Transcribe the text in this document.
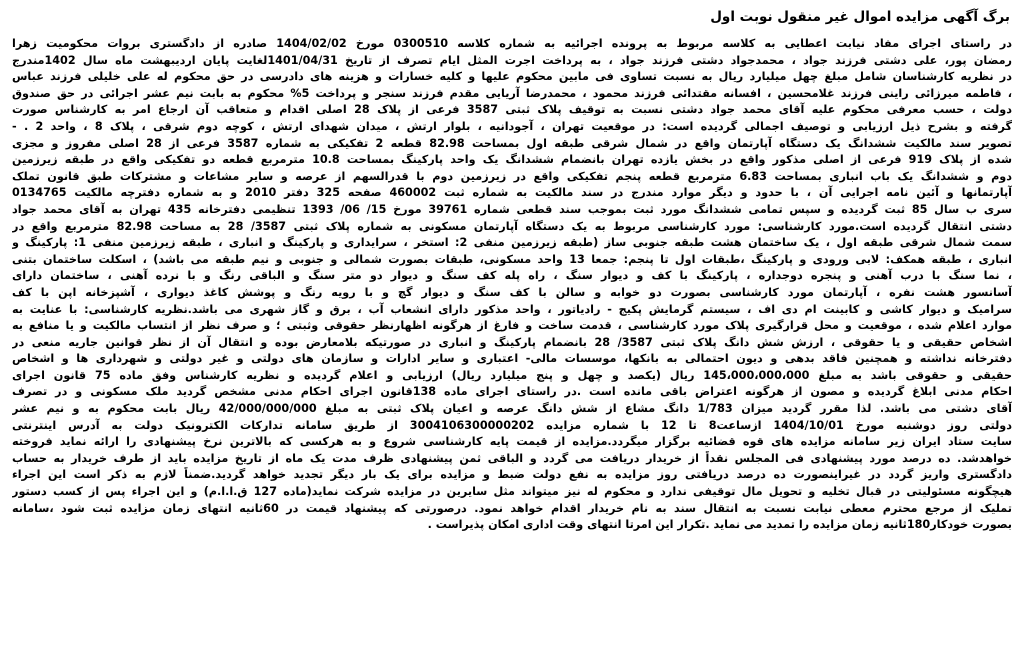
برگ آگهی مزایده اموال غیر منقول نوبت اول
در راستای اجرای مفاد نیابت اعطایی به کلاسه مربوط به پرونده اجرائیه به شماره کلاسه 0300510 مورخ 1404/02/02 صادره از دادگستری بروات محکومیت زهرا
رمضان پور، علی دشتی فرزند جواد ، محمدجواد دشتی فرزند جواد ، به پرداخت اجرت المثل ایام تصرف از تاریخ 1401/04/31لغایت پایان اردیبهشت ماه سال 1402مندرج
در نظریه کارشناسان شامل مبلغ چهل میلیارد ریال به نسبت تساوی فی مابین محکوم علیها و کلیه خسارات و هزینه های دادرسی در حق محکوم له علی خلیلی فرزند عباس
، فاطمه میرزائی راینی فرزند غلامحسین ، افسانه مقتدائی فرزند محمود ، محمدرضا آریایی مقدم فرزند سنجر و پرداخت 5% محکوم به بابت نیم عشر اجرائی در حق صندوق
دولت ، حسب معرفی محکوم علیه آقای محمد جواد دشتی نسبت به توقیف پلاک ثبتی 3587 فرعی از پلاک 28 اصلی اقدام و متعاقب آن ارجاع امر به کارشناس صورت
گرفته و بشرح ذیل ارزیابی و توصیف اجمالی گردیده است: در موقعیت تهران ، آجودانیه ، بلوار ارتش ، میدان شهدای ارتش ، کوچه دوم شرقی ، پلاک 8 ، واحد 2 . -
تصویر سند مالکیت ششدانگ یک دستگاه آپارتمان واقع در شمال شرقی طبقه اول بمساحت 82.98 قطعه 2 تفکیکی به شماره 3587 فرعی از 28 اصلی مفروز و مجزی
شده از پلاک 919 فرعی از اصلی مذکور واقع در بخش یازده تهران بانضمام ششدانگ یک واحد پارکینگ بمساحت 10.8 مترمربع قطعه دو تفکیکی واقع در طبقه زیرزمین
دوم و ششدانگ یک باب انباری بمساحت 6.83 مترمربع قطعه پنجم تفکیکی واقع در زیرزمین دوم با قدرالسهم از عرصه و سایر مشاعات و مشترکات طبق قانون تملک
آپارتمانها و آئین نامه اجرایی آن ، با حدود و دیگر موارد مندرج در سند مالکیت به شماره ثبت 460002 صفحه 325 دفتر 2010 و به شماره دفترچه مالکیت 0134765
سری ب سال 85 ثبت گردیده و سپس تمامی ششدانگ مورد ثبت بموجب سند قطعی شماره 39761 مورخ 15/ 06/ 1393 تنظیمی دفترخانه 435 تهران به آقای محمد جواد
دشتی انتقال گردیده است.مورد کارشناسی: مورد کارشناسی مربوط به یک دستگاه آپارتمان مسکونی به شماره پلاک ثبتی 3587/ 28 به مساحت 82.98 مترمربع واقع در
سمت شمال شرقی طبقه اول ، یک ساختمان هشت طبقه جنوبی ساز (طبقه زیرزمین منفی 2: استخر ، سرایداری و پارکینگ و انباری ، طبقه زیرزمین منفی 1: پارکینگ و
انباری ، طبقه همکف: لابی ورودی و پارکینگ ،طبقات اول تا پنجم: جمعا 13 واحد مسکونی، طبقات بصورت شمالی و جنوبی و نیم طبقه می باشد) ، اسکلت ساختمان بتنی
، نما سنگ با درب آهنی و پنجره دوجداره ، پارکینگ با کف و دیوار سنگ ، راه پله کف سنگ و دیوار دو متر سنگ و الباقی رنگ و با نرده آهنی ، ساختمان دارای
آسانسور هشت نفره ، آپارتمان مورد کارشناسی بصورت دو خوابه و سالن با کف سنگ و دیوار گچ و با رویه رنگ و پوشش کاغذ دیواری ، آشپزخانه اپن با کف
سرامیک و دیوار کاشی و کابینت ام دی اف ، سیستم گرمایش پکیج - رادیاتور ، واحد مذکور دارای انشعاب آب ، برق و گاز شهری می باشد.نظریه کارشناسی: با عنایت به
موارد اعلام شده ، موقعیت و محل قرارگیری پلاک مورد کارشناسی ، قدمت ساخت و فارغ از هرگونه اظهارنظر حقوقی وثبتی ؛ و صرف نظر از انتساب مالکیت و یا منافع به
اشخاص حقیقی و یا حقوقی ، ارزش شش دانگ پلاک ثبتی 3587/ 28 بانضمام پارکینگ و انباری در صورتیکه بلامعارض بوده و انتقال آن از نظر قوانین جاریه منعی در
دفترخانه نداشته و همچنین فاقد بدهی و دیون احتمالی به بانکها، موسسات مالی- اعتباری و سایر ادارات و سازمان های دولتی و غیر دولتی و شهرداری ها و اشخاص
حقیقی و حقوقی باشد به مبلغ 145،000،000،000 ریال (یکصد و چهل و پنج میلیارد ریال) ارزیابی و اعلام گردیده و نظریه کارشناس وفق ماده 75 قانون اجرای
احکام مدنی ابلاغ گردیده و مصون از هرگونه اعتراض باقی مانده است .در راستای اجرای ماده 138قانون اجرای احکام مدنی مشخص گردید ملک مسکونی و در تصرف
آقای دشتی می باشد. لذا مقرر گردید میزان 1/783 دانگ مشاع از شش دانگ عرصه و اعیان پلاک ثبتی به مبلغ 42/000/000/000 ریال بابت محکوم به و نیم عشر
دولتی روز دوشنبه مورخ 1404/10/01 ازساعت8 تا 12 با شماره مزایده 3004106300000202 از طریق سامانه تدارکات الکترونیک دولت به آدرس اینترنتی
سایت ستاد ایران زیر سامانه مزایده های قوه قضائیه برگزار میگردد.مزایده از قیمت پایه کارشناسی شروع و به هرکسی که بالاترین نرخ پیشنهادی را ارائه نماید فروخته
خواهدشد. ده درصد مورد پیشنهادی فی المجلس نقداً از خریدار دریافت می گردد و الباقی ثمن پیشنهادی ظرف مدت یک ماه از تاریخ مزایده باید از طرف خریدار به حساب
دادگستری واریز گردد در غیراینصورت ده درصد دریافتی روز مزایده به نفع دولت ضبط و مزایده برای یک بار دیگر تجدید خواهد گردید.ضمناً لازم به ذکر است این اجراء
هیچگونه مسئولیتی در قبال تخلیه و تحویل مال توقیفی ندارد و محکوم له نیز میتواند مثل سایرین در مزایده شرکت نماید(ماده 127 ق.ا.ا.م) و این اجراء پس از کسب دستور
تملیک از مرجع محترم معطی نیابت نسبت به انتقال سند به نام خریدار اقدام خواهد نمود. درصورتی که پیشنهاد قیمت در 60ثانیه انتهای زمان مزایده ثبت شود ،سامانه
بصورت خودکار180ثانیه زمان مزایده را تمدید می نماید .تکرار این امرتا انتهای وقت اداری امکان پذیراست .
